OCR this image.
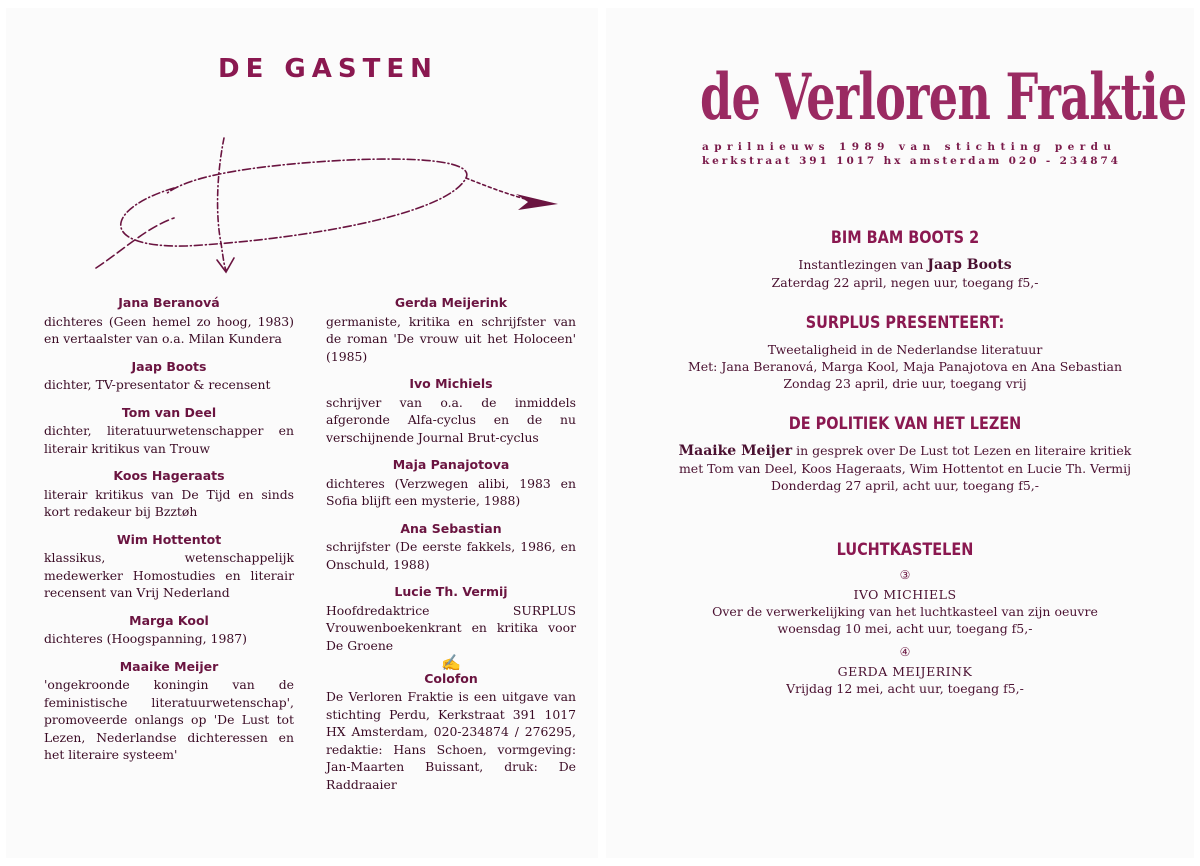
DE GASTEN
Jana Beranová
dichteres (Geen hemel zo hoog, 1983) en vertaalster van o.a. Milan Kundera
Jaap Boots
dichter, TV-presentator & recensent
Tom van Deel
dichter, literatuurwetenschapper en literair kritikus van Trouw
Koos Hageraats
literair kritikus van De Tijd en sinds kort redakeur bij Bzztøh
Wim Hottentot
klassikus, wetenschappelijk medewerker Homostudies en literair recensent van Vrij Nederland
Marga Kool
dichteres (Hoogspanning, 1987)
Maaike Meijer
'ongekroonde koningin van de feministische literatuurwetenschap', promoveerde onlangs op 'De Lust tot Lezen, Nederlandse dichteressen en het literaire systeem'
Gerda Meijerink
germaniste, kritika en schrijfster van de roman 'De vrouw uit het Holoceen' (1985)
Ivo Michiels
schrijver van o.a. de inmiddels afgeronde Alfa-cyclus en de nu verschijnende Journal Brut-cyclus
Maja Panajotova
dichteres (Verzwegen alibi, 1983 en Sofia blijft een mysterie, 1988)
Ana Sebastian
schrijfster (De eerste fakkels, 1986, en Onschuld, 1988)
Lucie Th. Vermij
Hoofdredaktrice SURPLUS Vrouwenboekenkrant en kritika voor De Groene
✍
Colofon
De Verloren Fraktie is een uitgave van stichting Perdu, Kerkstraat 391 1017 HX Amsterdam, 020-234874 / 276295, redaktie: Hans Schoen, vormgeving: Jan-Maarten Buissant, druk: De Raddraaier
de Verloren Fraktie
aprilnieuws 1989 van stichting perdu
kerkstraat 391 1017 hx amsterdam 020 - 234874
BIM BAM BOOTS 2
Instantlezingen van Jaap Boots
Zaterdag 22 april, negen uur, toegang f5,-
SURPLUS PRESENTEERT:
Tweetaligheid in de Nederlandse literatuur
Met: Jana Beranová, Marga Kool, Maja Panajotova en Ana Sebastian
Zondag 23 april, drie uur, toegang vrij
DE POLITIEK VAN HET LEZEN
Maaike Meijer in gesprek over De Lust tot Lezen en literaire kritiek
met Tom van Deel, Koos Hageraats, Wim Hottentot en Lucie Th. Vermij
Donderdag 27 april, acht uur, toegang f5,-
LUCHTKASTELEN
③
IVO MICHIELS
Over de verwerkelijking van het luchtkasteel van zijn oeuvre
woensdag 10 mei, acht uur, toegang f5,-
④
GERDA MEIJERINK
Vrijdag 12 mei, acht uur, toegang f5,-
